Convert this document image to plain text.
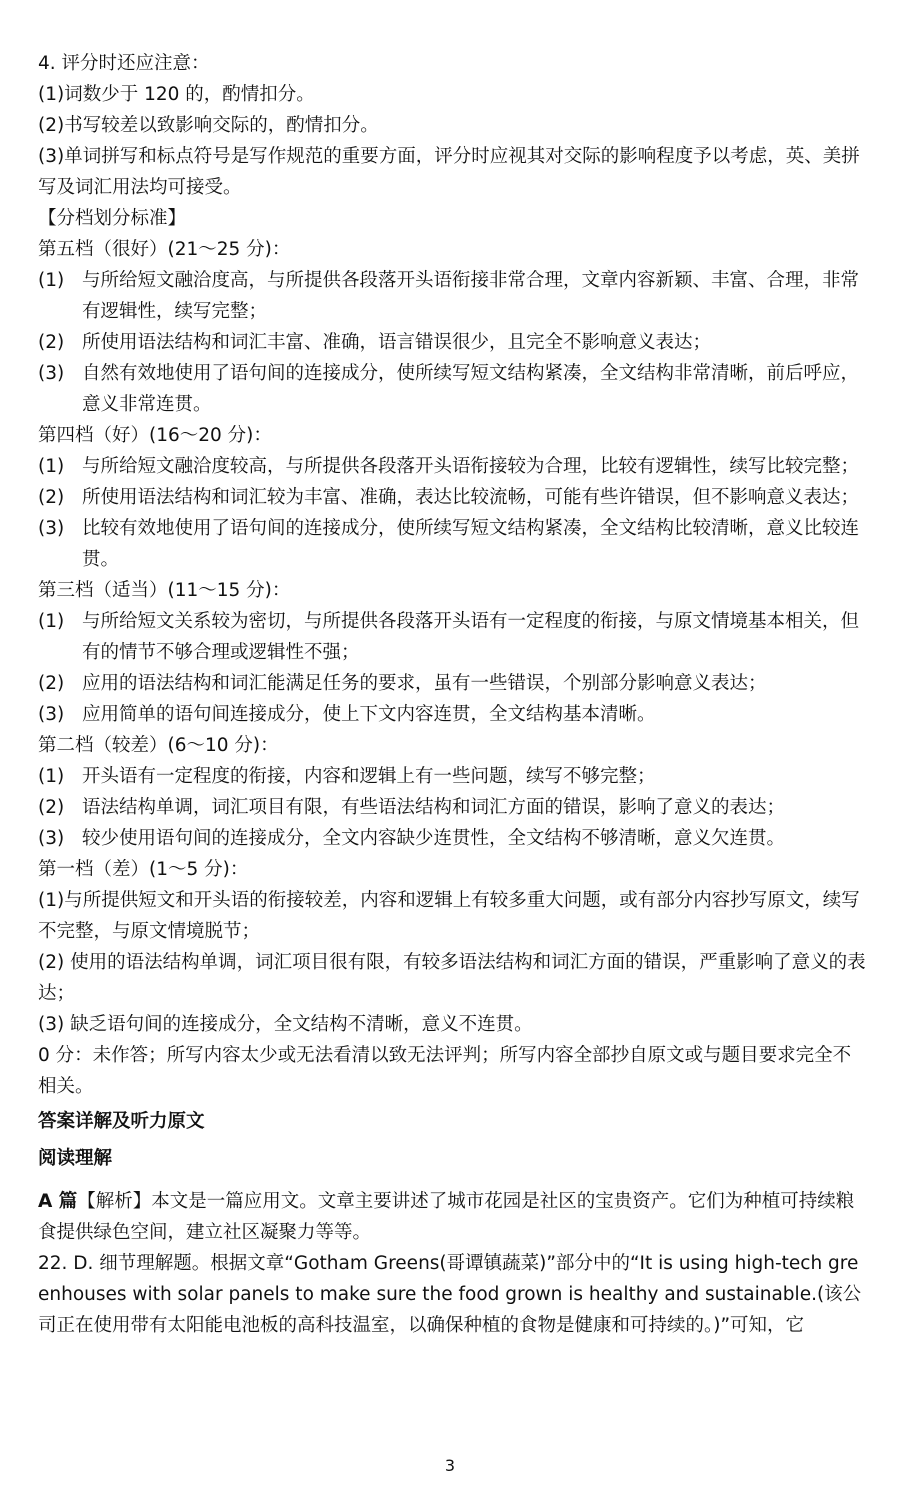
4. 评分时还应注意：

(1)词数少于 120 的，酌情扣分。

(2)书写较差以致影响交际的，酌情扣分。

(3)单词拼写和标点符号是写作规范的重要方面，评分时应视其对交际的影响程度予以考虑，英、美拼写及词汇用法均可接受。

【分档划分标准】

第五档（很好）(21～25 分)：

(1) 与所给短文融洽度高，与所提供各段落开头语衔接非常合理，文章内容新颖、丰富、合理，非常有逻辑性，续写完整；
(2) 所使用语法结构和词汇丰富、准确，语言错误很少，且完全不影响意义表达；
(3) 自然有效地使用了语句间的连接成分，使所续写短文结构紧凑，全文结构非常清晰，前后呼应，意义非常连贯。

第四档（好）(16～20 分)：

(1) 与所给短文融洽度较高，与所提供各段落开头语衔接较为合理，比较有逻辑性，续写比较完整；
(2) 所使用语法结构和词汇较为丰富、准确，表达比较流畅，可能有些许错误，但不影响意义表达；
(3) 比较有效地使用了语句间的连接成分，使所续写短文结构紧凑，全文结构比较清晰，意义比较连贯。

第三档（适当）(11～15 分)：

(1) 与所给短文关系较为密切，与所提供各段落开头语有一定程度的衔接，与原文情境基本相关，但有的情节不够合理或逻辑性不强；
(2) 应用的语法结构和词汇能满足任务的要求，虽有一些错误，个别部分影响意义表达；
(3) 应用简单的语句间连接成分，使上下文内容连贯，全文结构基本清晰。

第二档（较差）(6～10 分)：

(1) 开头语有一定程度的衔接，内容和逻辑上有一些问题，续写不够完整；
(2) 语法结构单调，词汇项目有限，有些语法结构和词汇方面的错误，影响了意义的表达；
(3) 较少使用语句间的连接成分，全文内容缺少连贯性，全文结构不够清晰，意义欠连贯。

第一档（差）(1～5 分)：

(1)与所提供短文和开头语的衔接较差，内容和逻辑上有较多重大问题，或有部分内容抄写原文，续写不完整，与原文情境脱节；

(2) 使用的语法结构单调，词汇项目很有限，有较多语法结构和词汇方面的错误，严重影响了意义的表达；

(3) 缺乏语句间的连接成分，全文结构不清晰，意义不连贯。

0 分：未作答；所写内容太少或无法看清以致无法评判；所写内容全部抄自原文或与题目要求完全不相关。

答案详解及听力原文

阅读理解

A 篇【解析】本文是一篇应用文。文章主要讲述了城市花园是社区的宝贵资产。它们为种植可持续粮食提供绿色空间，建立社区凝聚力等等。

22. D. 细节理解题。根据文章“Gotham Greens(哥谭镇蔬菜)”部分中的“It is using high-tech greenhouses with solar panels to make sure the food grown is healthy and sustainable.(该公司正在使用带有太阳能电池板的高科技温室，以确保种植的食物是健康和可持续的。)”可知，它

3
